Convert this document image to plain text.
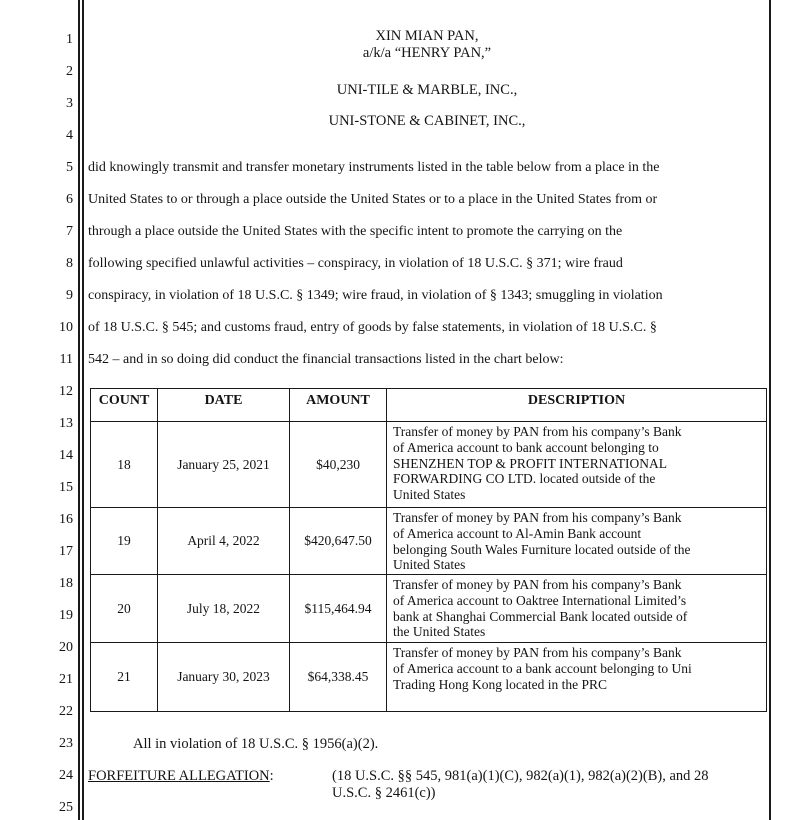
1
2
3
4
5
6
7
8
9
10
11
12
13
14
15
16
17
18
19
20
21
22
23
24
25
XIN MIAN PAN,
a/k/a “HENRY PAN,”
UNI-TILE & MARBLE, INC.,
UNI-STONE & CABINET, INC.,
did knowingly transmit and transfer monetary instruments listed in the table below from a place in the
United States to or through a place outside the United States or to a place in the United States from or
through a place outside the United States with the specific intent to promote the carrying on the
following specified unlawful activities – conspiracy, in violation of 18 U.S.C. § 371; wire fraud
conspiracy, in violation of 18 U.S.C. § 1349; wire fraud, in violation of § 1343; smuggling in violation
of 18 U.S.C. § 545; and customs fraud, entry of goods by false statements, in violation of 18 U.S.C. §
542 – and in so doing did conduct the financial transactions listed in the chart below:
COUNT	DATE	AMOUNT	DESCRIPTION
18	January 25, 2021	$40,230	Transfer of money by PAN from his company’s Bank
of America account to bank account belonging to
SHENZHEN TOP & PROFIT INTERNATIONAL
FORWARDING CO LTD. located outside of the
United States

19	April 4, 2022	$420,647.50	Transfer of money by PAN from his company’s Bank
of America account to Al-Amin Bank account
belonging South Wales Furniture located outside of the
United States

20	July 18, 2022	$115,464.94	Transfer of money by PAN from his company’s Bank
of America account to Oaktree International Limited’s
bank at Shanghai Commercial Bank located outside of
the United States

21	January 30, 2023	$64,338.45	Transfer of money by PAN from his company’s Bank
of America account to a bank account belonging to Uni
Trading Hong Kong located in the PRC
All in violation of 18 U.S.C. § 1956(a)(2).
FORFEITURE ALLEGATION:	(18 U.S.C. §§ 545, 981(a)(1)(C), 982(a)(1), 982(a)(2)(B), and 28
U.S.C. § 2461(c))
